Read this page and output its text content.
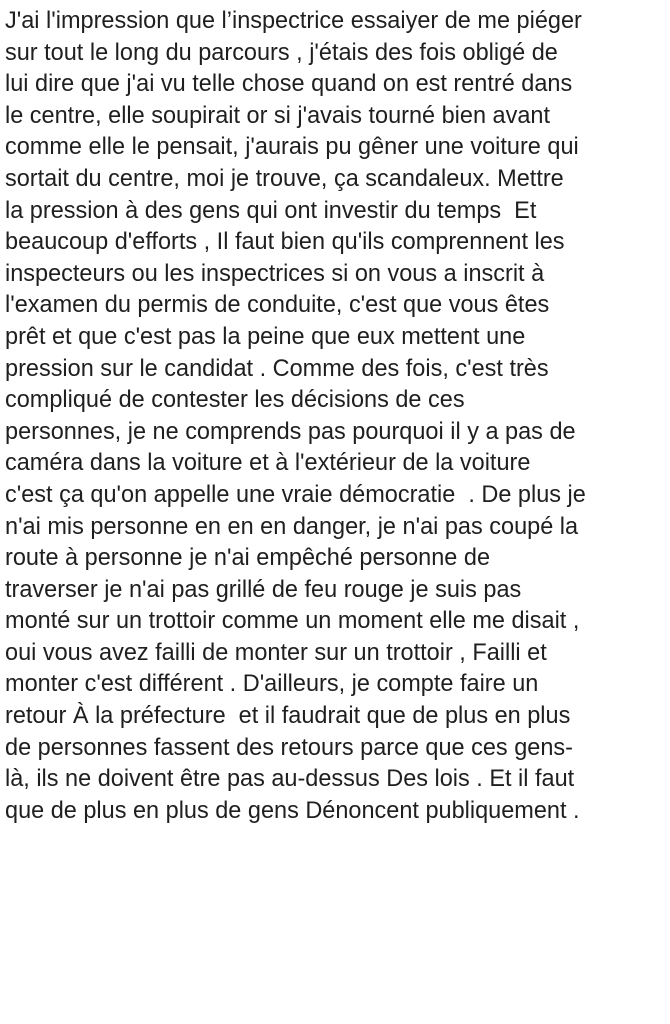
J'ai l'impression que l’inspectrice essaiyer de me piéger
sur tout le long du parcours , j'étais des fois obligé de
lui dire que j'ai vu telle chose quand on est rentré dans
le centre, elle soupirait or si j'avais tourné bien avant
comme elle le pensait, j'aurais pu gêner une voiture qui
sortait du centre, moi je trouve, ça scandaleux. Mettre
la pression à des gens qui ont investir du temps  Et
beaucoup d'efforts , Il faut bien qu'ils comprennent les
inspecteurs ou les inspectrices si on vous a inscrit à
l'examen du permis de conduite, c'est que vous êtes
prêt et que c'est pas la peine que eux mettent une
pression sur le candidat . Comme des fois, c'est très
compliqué de contester les décisions de ces
personnes, je ne comprends pas pourquoi il y a pas de
caméra dans la voiture et à l'extérieur de la voiture
c'est ça qu'on appelle une vraie démocratie  . De plus je
n'ai mis personne en en en danger, je n'ai pas coupé la
route à personne je n'ai empêché personne de
traverser je n'ai pas grillé de feu rouge je suis pas
monté sur un trottoir comme un moment elle me disait ,
oui vous avez failli de monter sur un trottoir , Failli et
monter c'est différent . D'ailleurs, je compte faire un
retour À la préfecture  et il faudrait que de plus en plus
de personnes fassent des retours parce que ces gens-
là, ils ne doivent être pas au-dessus Des lois . Et il faut
que de plus en plus de gens Dénoncent publiquement .
